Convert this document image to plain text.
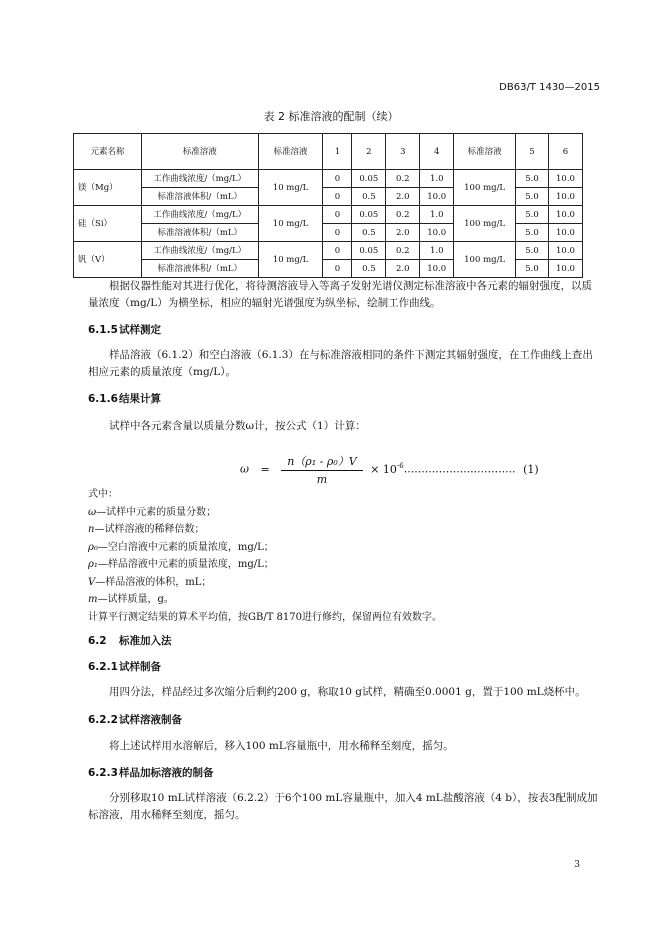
DB63/T 1430—2015
表 2 标准溶液的配制（续）
元素名称	标准溶液	标准溶液	1	2	3	4	标准溶液	5	6
镁（Mg）	工作曲线浓度/（mg/L）	10 mg/L	0	0.05	0.2	1.0	100 mg/L	5.0	10.0
	标准溶液体积/（mL）		0	0.5	2.0	10.0		5.0	10.0
硅（Si）	工作曲线浓度/（mg/L）	10 mg/L	0	0.05	0.2	1.0	100 mg/L	5.0	10.0
	标准溶液体积/（mL）		0	0.5	2.0	10.0		5.0	10.0
钒（V）	工作曲线浓度/（mg/L）	10 mg/L	0	0.05	0.2	1.0	100 mg/L	5.0	10.0
	标准溶液体积/（mL）		0	0.5	2.0	10.0		5.0	10.0
根据仪器性能对其进行优化，将待测溶液导入等离子发射光谱仪测定标准溶液中各元素的辐射强度，以质量浓度（mg/L）为横坐标，相应的辐射光谱强度为纵坐标，绘制工作曲线。
6.1.5试样测定
样品溶液（6.1.2）和空白溶液（6.1.3）在与标准溶液相同的条件下测定其辐射强度，在工作曲线上查出相应元素的质量浓度（mg/L）。
6.1.6结果计算
试样中各元素含量以质量分数ω计，按公式（1）计算：
$\omega = \frac{\text{n（ρ₁ - ρ₀）V}}{m} \times 10^{-6}$................................ (1)
式中：
ω—试样中元素的质量分数；
n—试样溶液的稀释倍数；
ρ₀—空白溶液中元素的质量浓度，mg/L；
ρ₁—样品溶液中元素的质量浓度，mg/L；
V—样品溶液的体积，mL；
m—试样质量，g。
计算平行测定结果的算术平均值，按GB/T 8170进行修约，保留两位有效数字。
6.2 标准加入法
6.2.1试样制备
用四分法，样品经过多次缩分后剩约200 g，称取10 g试样，精确至0.0001 g，置于100 mL烧杯中。
6.2.2试样溶液制备
将上述试样用水溶解后，移入100 mL容量瓶中，用水稀释至刻度，摇匀。
6.2.3样品加标溶液的制备
分别移取10 mL试样溶液（6.2.2）于6个100 mL容量瓶中，加入4 mL盐酸溶液（4 b），按表3配制成加标溶液，用水稀释至刻度，摇匀。
3
